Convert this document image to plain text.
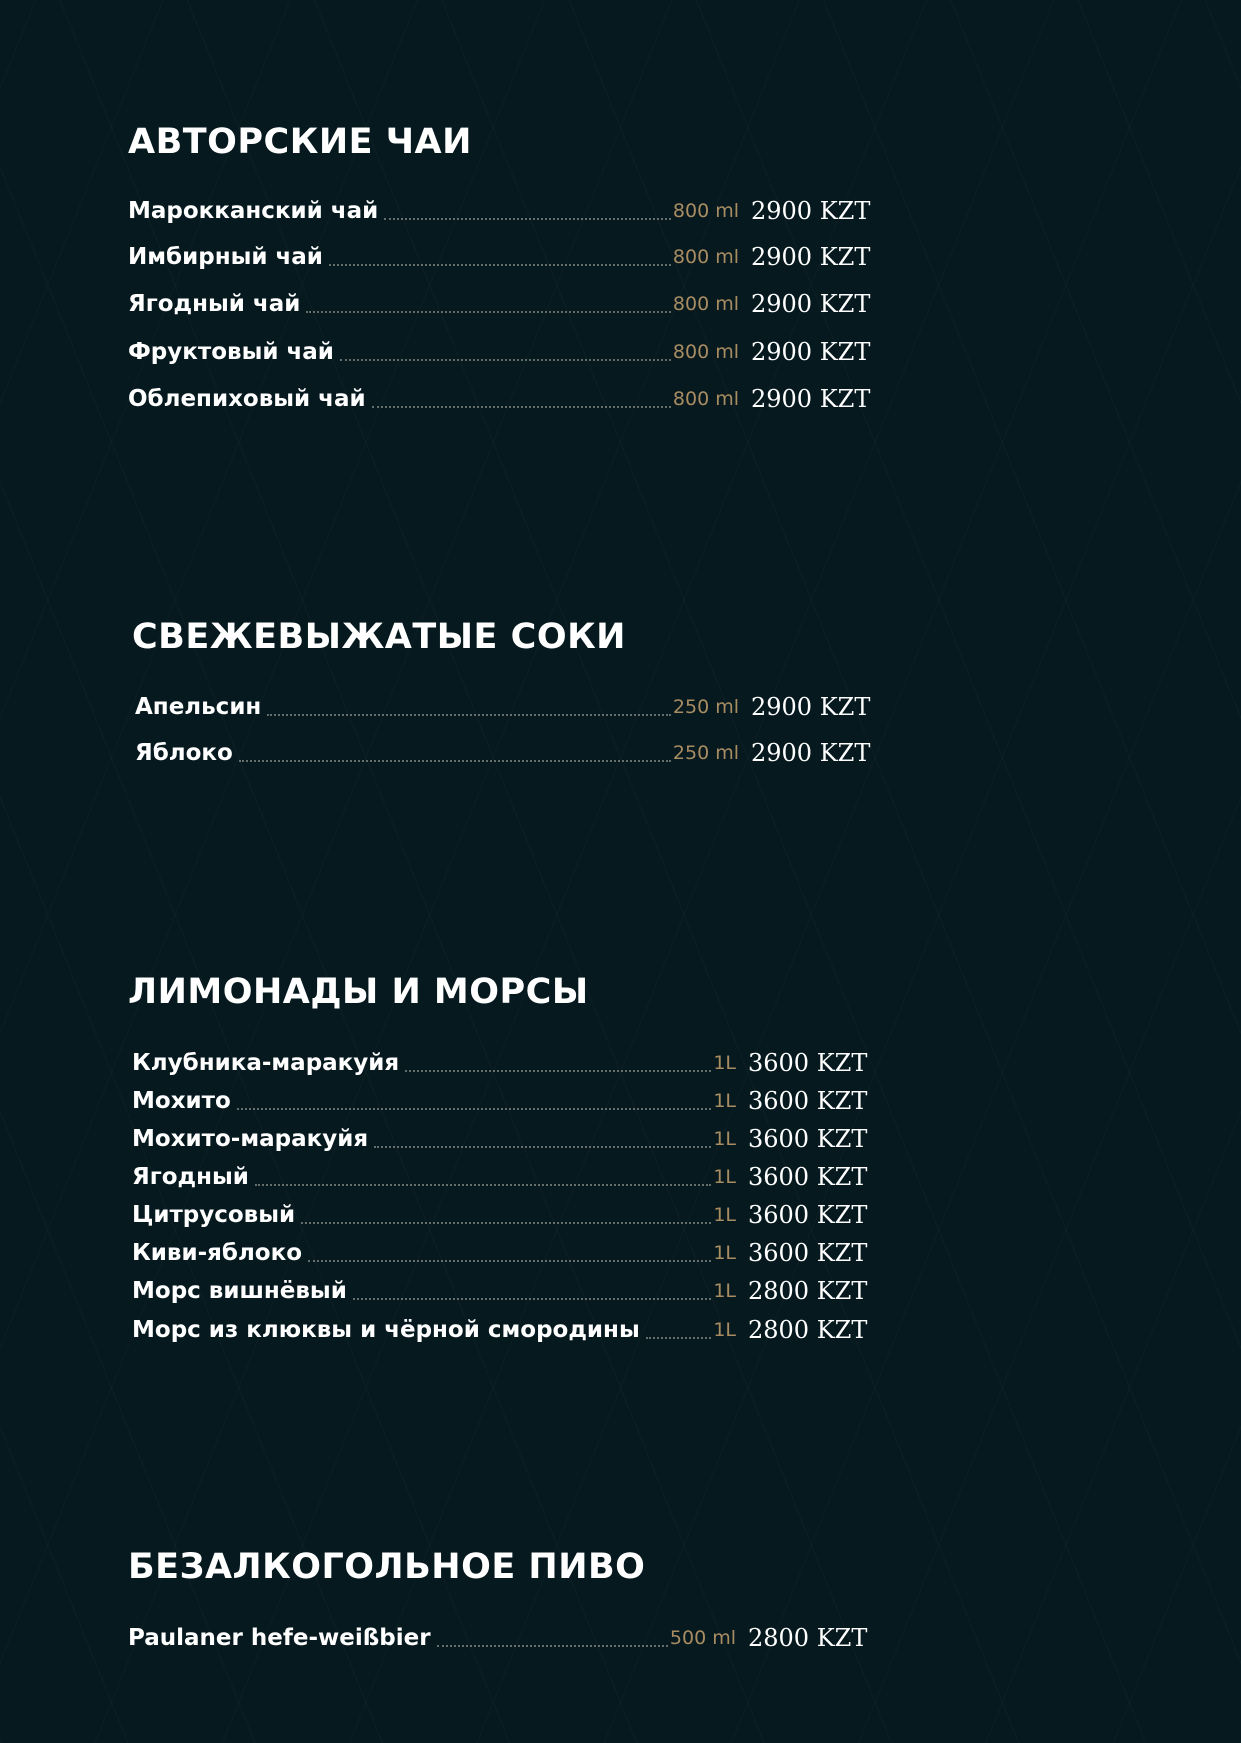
АВТОРСКИЕ ЧАИ
Марокканский чай	800 ml 2900 KZT
Имбирный чай	800 ml 2900 KZT
Ягодный чай	800 ml 2900 KZT
Фруктовый чай	800 ml 2900 KZT
Облепиховый чай	800 ml 2900 KZT
СВЕЖЕВЫЖАТЫЕ СОКИ
Апельсин	250 ml 2900 KZT
Яблоко	250 ml 2900 KZT
ЛИМОНАДЫ И МОРСЫ
Клубника-маракуйя	1L 3600 KZT
Мохито	1L 3600 KZT
Мохито-маракуйя	1L 3600 KZT
Ягодный	1L 3600 KZT
Цитрусовый	1L 3600 KZT
Киви-яблоко	1L 3600 KZT
Морс вишнёвый	1L 2800 KZT
Морс из клюквы и чёрной смородины	1L 2800 KZT
БЕЗАЛКОГОЛЬНОЕ ПИВО
Paulaner hefe-weißbier	500 ml 2800 KZT
